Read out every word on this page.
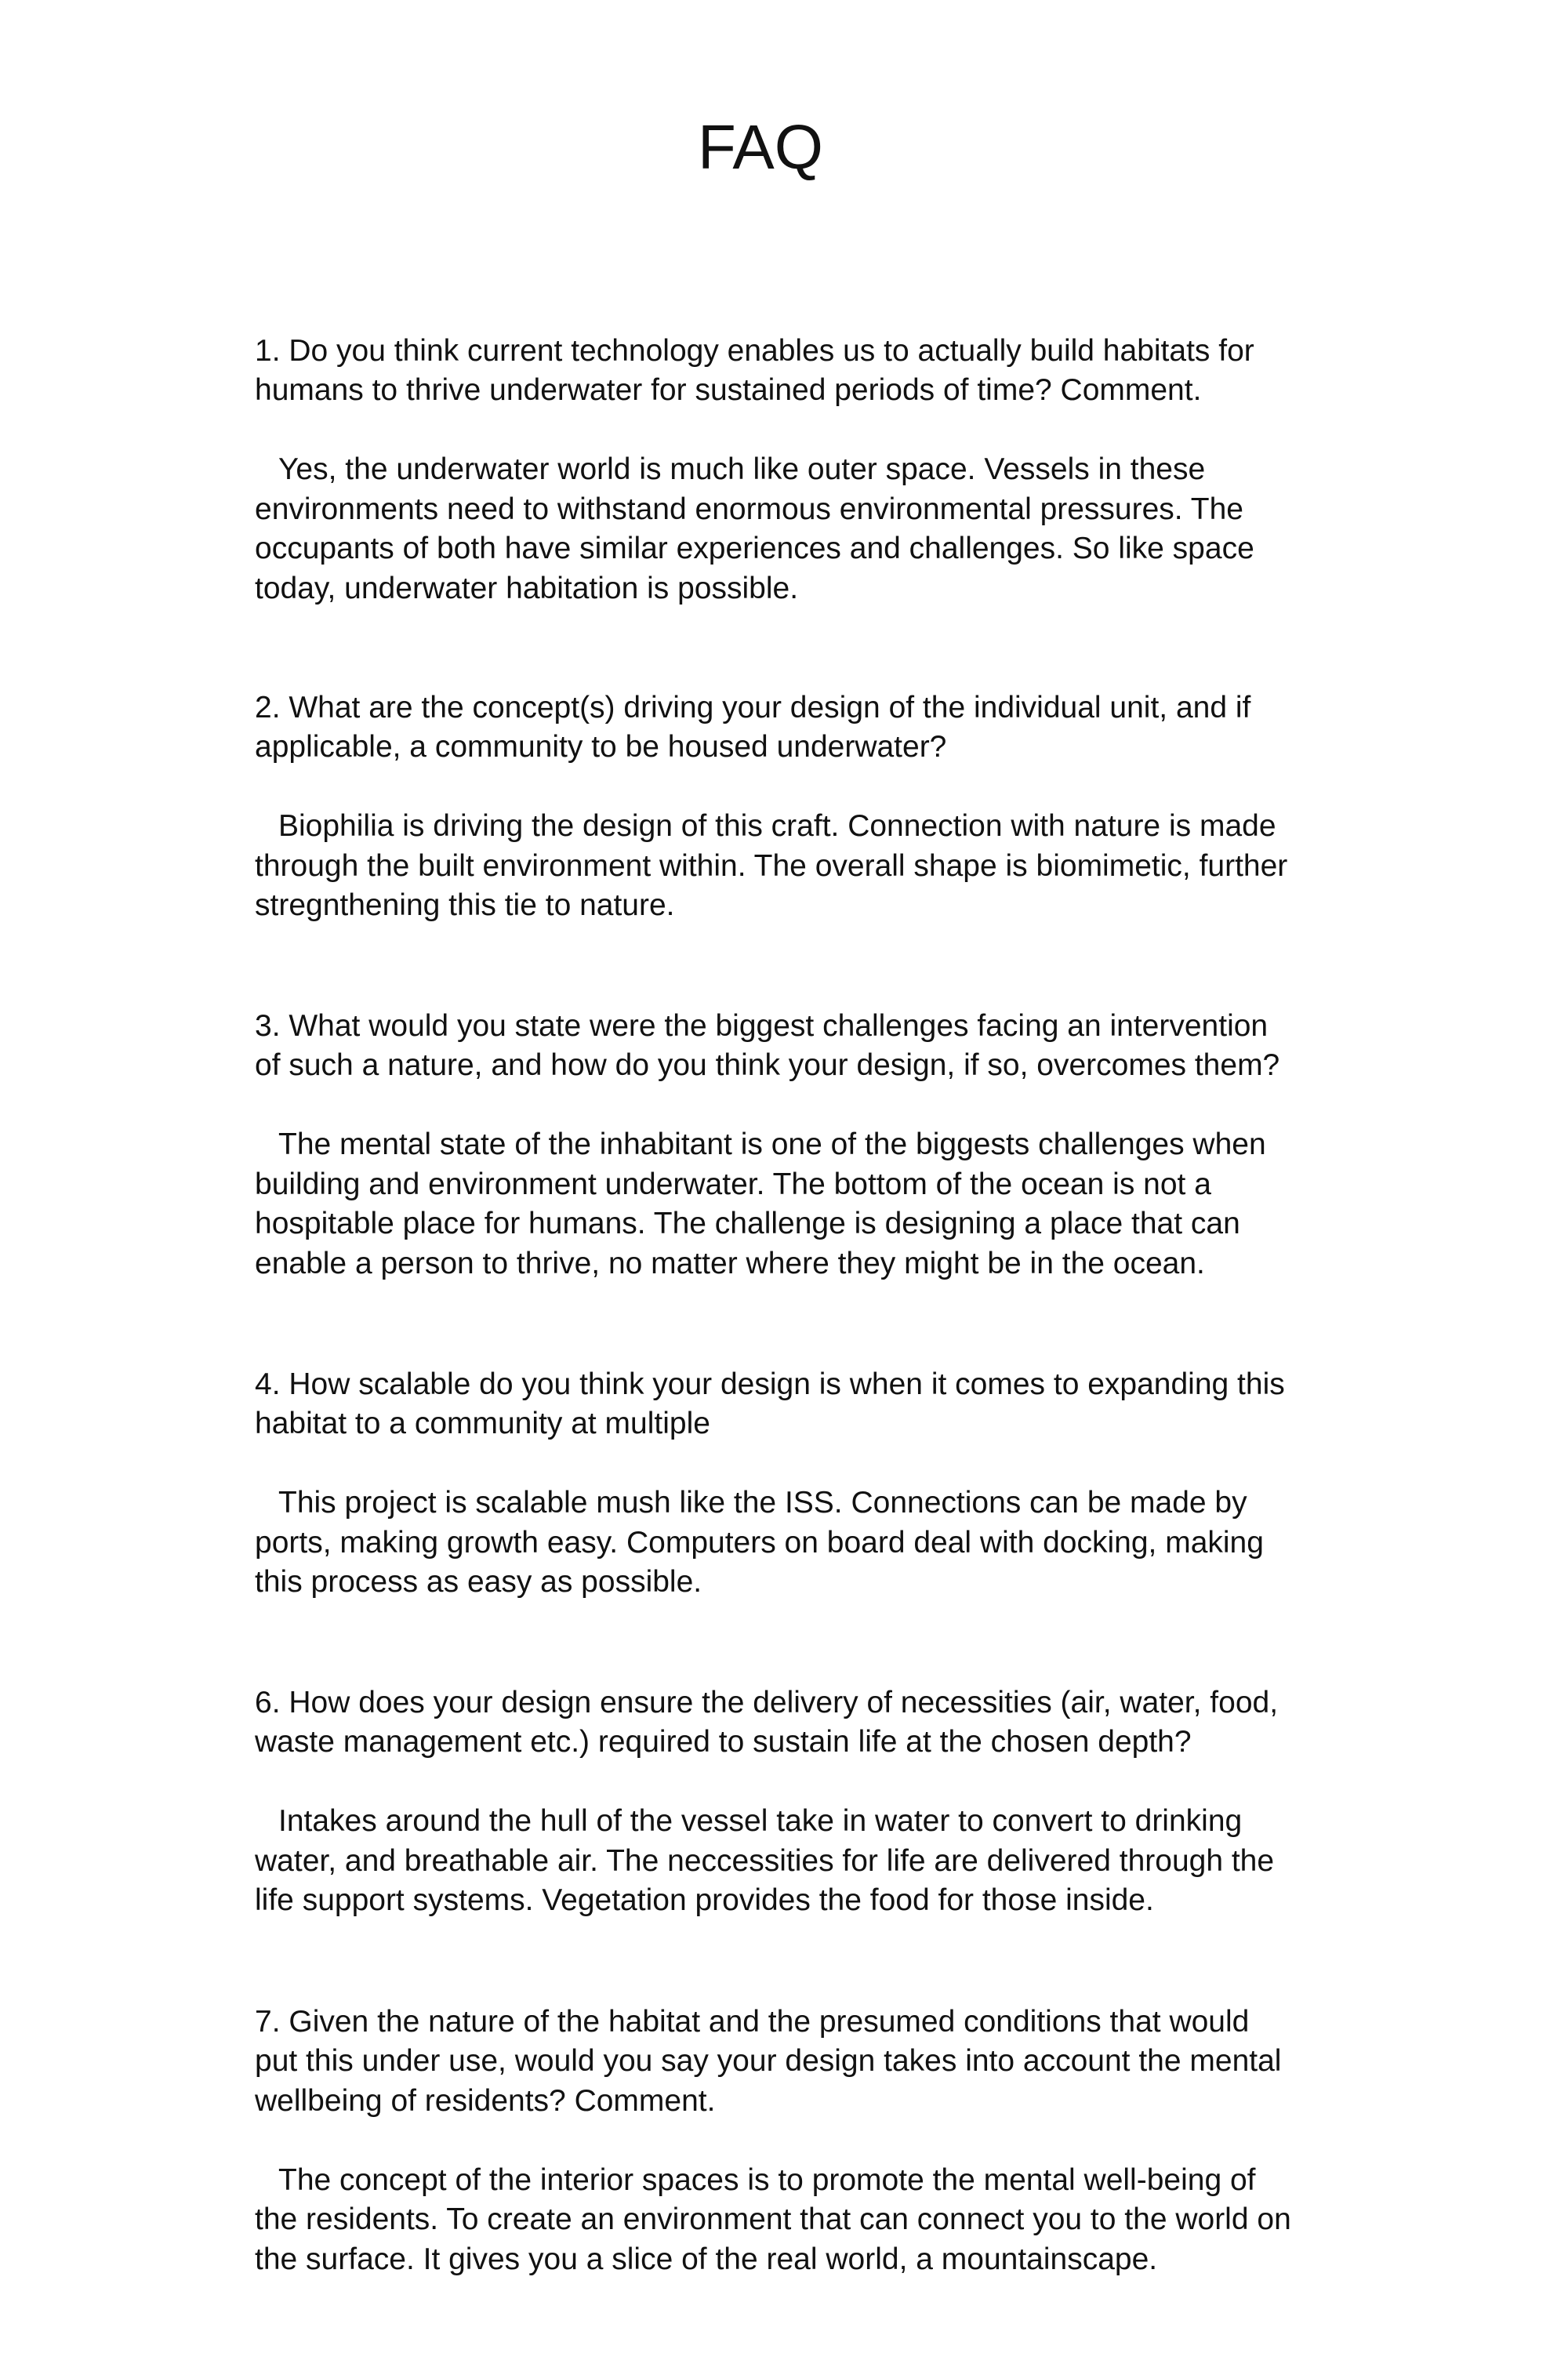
FAQ

1. Do you think current technology enables us to actually build habitats for
humans to thrive underwater for sustained periods of time? Comment.

Yes, the underwater world is much like outer space. Vessels in these
environments need to withstand enormous environmental pressures. The
occupants of both have similar experiences and challenges. So like space
today, underwater habitation is possible.

2. What are the concept(s) driving your design of the individual unit, and if
applicable, a community to be housed underwater?

Biophilia is driving the design of this craft. Connection with nature is made
through the built environment within. The overall shape is biomimetic, further
stregnthening this tie to nature.

3. What would you state were the biggest challenges facing an intervention
of such a nature, and how do you think your design, if so, overcomes them?

The mental state of the inhabitant is one of the biggests challenges when
building and environment underwater. The bottom of the ocean is not a
hospitable place for humans. The challenge is designing a place that can
enable a person to thrive, no matter where they might be in the ocean.

4. How scalable do you think your design is when it comes to expanding this
habitat to a community at multiple

This project is scalable mush like the ISS. Connections can be made by
ports, making growth easy. Computers on board deal with docking, making
this process as easy as possible.

6. How does your design ensure the delivery of necessities (air, water, food,
waste management etc.) required to sustain life at the chosen depth?

Intakes around the hull of the vessel take in water to convert to drinking
water, and breathable air. The neccessities for life are delivered through the
life support systems. Vegetation provides the food for those inside.

7. Given the nature of the habitat and the presumed conditions that would
put this under use, would you say your design takes into account the mental
wellbeing of residents? Comment.

The concept of the interior spaces is to promote the mental well-being of
the residents. To create an environment that can connect you to the world on
the surface. It gives you a slice of the real world, a mountainscape.
